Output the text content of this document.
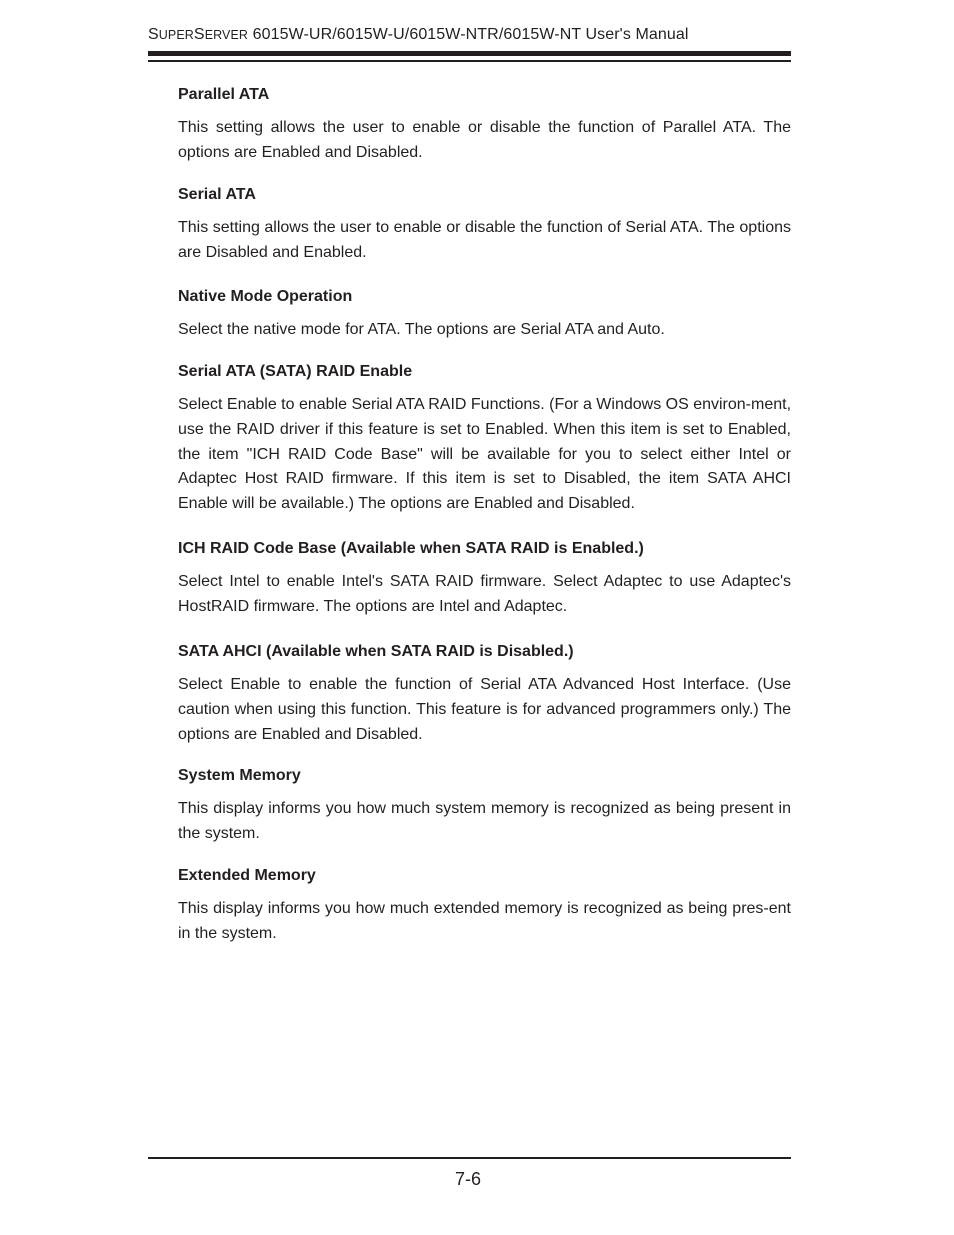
SUPERSERVER 6015W-UR/6015W-U/6015W-NTR/6015W-NT User's Manual
Parallel ATA
This setting allows the user to enable or disable the function of Parallel ATA. The options are Enabled and Disabled.
Serial ATA
This setting allows the user to enable or disable the function of Serial ATA. The options are Disabled and Enabled.
Native Mode Operation
Select the native mode for ATA. The options are Serial ATA and Auto.
Serial ATA (SATA) RAID Enable
Select Enable to enable Serial ATA RAID Functions. (For a Windows OS environ-ment, use the RAID driver if this feature is set to Enabled. When this item is set to Enabled, the item "ICH RAID Code Base" will be available for you to select either Intel or Adaptec Host RAID firmware. If this item is set to Disabled, the item SATA AHCI Enable will be available.) The options are Enabled and Disabled.
ICH RAID Code Base (Available when SATA RAID is Enabled.)
Select Intel to enable Intel's SATA RAID firmware. Select Adaptec to use Adaptec's HostRAID firmware. The options are Intel and Adaptec.
SATA AHCI (Available when SATA RAID is Disabled.)
Select Enable to enable the function of Serial ATA Advanced Host Interface. (Use caution when using this function. This feature is for advanced programmers only.) The options are Enabled and Disabled.
System Memory
This display informs you how much system memory is recognized as being present in the system.
Extended Memory
This display informs you how much extended memory is recognized as being pres-ent in the system.
7-6
